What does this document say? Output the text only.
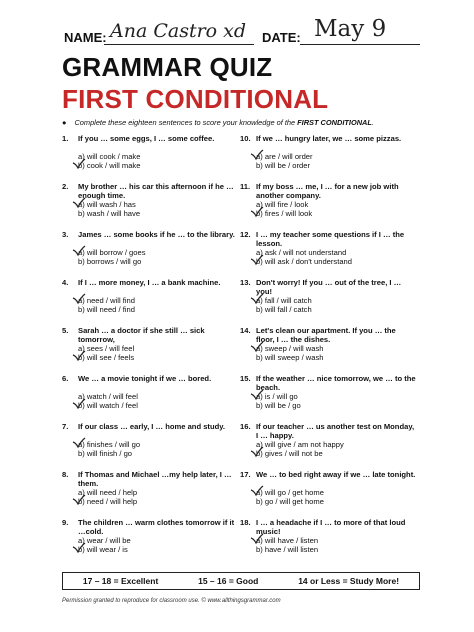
NAME: Ana Castro xd DATE: May 9
GRAMMAR QUIZ
FIRST CONDITIONAL
● Complete these eighteen sentences to score your knowledge of the FIRST CONDITIONAL.
1. If you … some eggs, I … some coffee.
a) will cook / make
b) cook / will make
2. My brother … his car this afternoon if he … enough time.
a) will wash / has
b) wash / will have
3. James … some books if he … to the library.
a) will borrow / goes
b) borrows / will go
4. If I … more money, I … a bank machine.
a) need / will find
b) will need / find
5. Sarah … a doctor if she still … sick tomorrow,
a) sees / will feel
b) will see / feels
6. We … a movie tonight if we … bored.
a) watch / will feel
b) will watch / feel
7. If our class … early, I … home and study.
a) finishes / will go
b) will finish / go
8. If Thomas and Michael …my help later, I … them.
a) will need / help
b) need / will help
9. The children … warm clothes tomorrow if it …cold.
a) wear / will be
b) will wear / is
10. If we … hungry later, we … some pizzas.
a) are / will order
b) will be / order
11. If my boss … me, I … for a new job with another company.
a) will fire / look
b) fires / will look
12. I … my teacher some questions if I … the lesson.
a) ask / will not understand
b) will ask / don't understand
13. Don't worry! If you … out of the tree, I … you!
a) fall / will catch
b) will fall / catch
14. Let's clean our apartment. If you … the floor, I … the dishes.
a) sweep / will wash
b) will sweep / wash
15. If the weather … nice tomorrow, we … to the beach.
a) is / will go
b) will be / go
16. If our teacher … us another test on Monday, I … happy.
a) will give / am not happy
b) gives / will not be
17. We … to bed right away if we … late tonight.
a) will go / get home
b) go / will get home
18. I … a headache if I … to more of that loud music!
a) will have / listen
b) have / will listen
17 – 18 = Excellent	15 – 16 = Good	14 or Less = Study More!
Permission granted to reproduce for classroom use. © www.allthingsgrammar.com
